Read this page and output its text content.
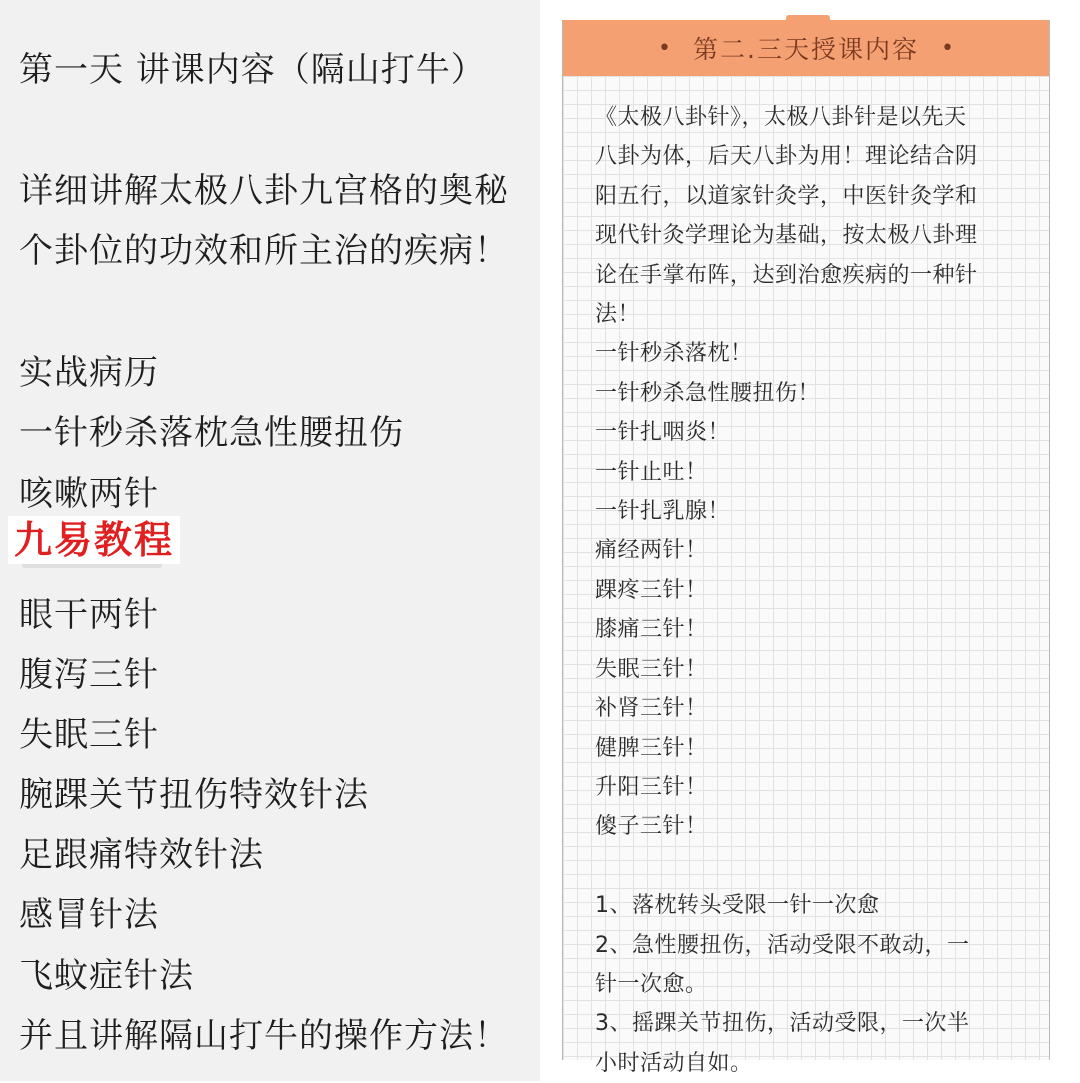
第一天 讲课内容（隔山打牛）
详细讲解太极八卦九宫格的奥秘
个卦位的功效和所主治的疾病！
实战病历
一针秒杀落枕急性腰扭伤
咳嗽两针
眼干两针
腹泻三针
失眠三针
腕踝关节扭伤特效针法
足跟痛特效针法
感冒针法
飞蚊症针法
并且讲解隔山打牛的操作方法！
九易教程
• 第二.三天授课内容 •
《太极八卦针》，太极八卦针是以先天
八卦为体，后天八卦为用！理论结合阴
阳五行，以道家针灸学，中医针灸学和
现代针灸学理论为基础，按太极八卦理
论在手掌布阵，达到治愈疾病的一种针
法！
一针秒杀落枕！
一针秒杀急性腰扭伤！
一针扎咽炎！
一针止吐！
一针扎乳腺！
痛经两针！
踝疼三针！
膝痛三针！
失眠三针！
补肾三针！
健脾三针！
升阳三针！
傻子三针！

1、落枕转头受限一针一次愈
2、急性腰扭伤，活动受限不敢动，一
针一次愈。
3、摇踝关节扭伤，活动受限，一次半
小时活动自如。
